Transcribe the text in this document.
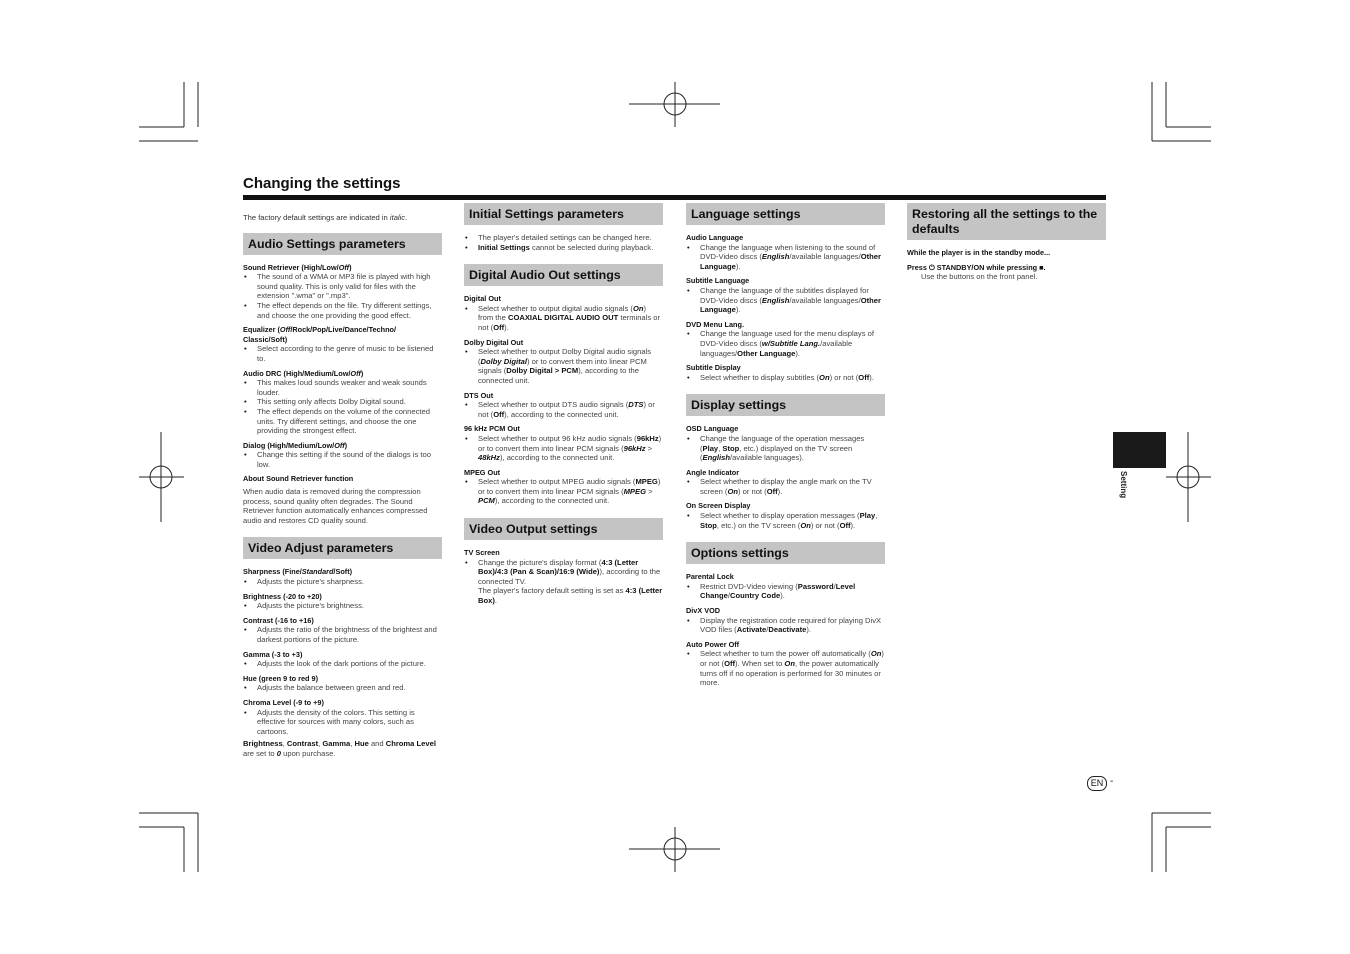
Changing the settings
The factory default settings are indicated in italic.
Audio Settings parameters
Sound Retriever (High/Low/Off)
• The sound of a WMA or MP3 file is played with high sound quality. This is only valid for files with the extension ".wma" or ".mp3".
• The effect depends on the file. Try different settings, and choose the one providing the good effect.
Equalizer (Off/Rock/Pop/Live/Dance/Techno/ Classic/Soft)
• Select according to the genre of music to be listened to.
Audio DRC (High/Medium/Low/Off)
• This makes loud sounds weaker and weak sounds louder.
• This setting only affects Dolby Digital sound.
• The effect depends on the volume of the connected units. Try different settings, and choose the one providing the strongest effect.
Dialog (High/Medium/Low/Off)
• Change this setting if the sound of the dialogs is too low.
About Sound Retriever function
When audio data is removed during the compression process, sound quality often degrades. The Sound Retriever function automatically enhances compressed audio and restores CD quality sound.
Video Adjust parameters
Sharpness (Fine/Standard/Soft)
• Adjusts the picture's sharpness.
Brightness (-20 to +20)
• Adjusts the picture's brightness.
Contrast (-16 to +16)
• Adjusts the ratio of the brightness of the brightest and darkest portions of the picture.
Gamma (-3 to +3)
• Adjusts the look of the dark portions of the picture.
Hue (green 9 to red 9)
• Adjusts the balance between green and red.
Chroma Level (-9 to +9)
• Adjusts the density of the colors. This setting is effective for sources with many colors, such as cartoons.
Brightness, Contrast, Gamma, Hue and Chroma Level are set to 0 upon purchase.
Initial Settings parameters
• The player's detailed settings can be changed here.
• Initial Settings cannot be selected during playback.
Digital Audio Out settings
Digital Out
• Select whether to output digital audio signals (On) from the COAXIAL DIGITAL AUDIO OUT terminals or not (Off).
Dolby Digital Out
• Select whether to output Dolby Digital audio signals (Dolby Digital) or to convert them into linear PCM signals (Dolby Digital > PCM), according to the connected unit.
DTS Out
• Select whether to output DTS audio signals (DTS) or not (Off), according to the connected unit.
96 kHz PCM Out
• Select whether to output 96 kHz audio signals (96kHz) or to convert them into linear PCM signals (96kHz > 48kHz), according to the connected unit.
MPEG Out
• Select whether to output MPEG audio signals (MPEG) or to convert them into linear PCM signals (MPEG > PCM), according to the connected unit.
Video Output settings
TV Screen
• Change the picture's display format (4:3 (Letter Box)/4:3 (Pan & Scan)/16:9 (Wide)), according to the connected TV.
The player's factory default setting is set as 4:3 (Letter Box).
Language settings
Audio Language
• Change the language when listening to the sound of DVD-Video discs (English/available languages/Other Language).
Subtitle Language
• Change the language of the subtitles displayed for DVD-Video discs (English/available languages/Other Language).
DVD Menu Lang.
• Change the language used for the menu displays of DVD-Video discs (w/Subtitle Lang./available languages/Other Language).
Subtitle Display
• Select whether to display subtitles (On) or not (Off).
Display settings
OSD Language
• Change the language of the operation messages (Play, Stop, etc.) displayed on the TV screen (English/available languages).
Angle Indicator
• Select whether to display the angle mark on the TV screen (On) or not (Off).
On Screen Display
• Select whether to display operation messages (Play, Stop, etc.) on the TV screen (On) or not (Off).
Options settings
Parental Lock
• Restrict DVD-Video viewing (Password/Level Change/Country Code).
DivX VOD
• Display the registration code required for playing DivX VOD files (Activate/Deactivate).
Auto Power Off
• Select whether to turn the power off automatically (On) or not (Off). When set to On, the power automatically turns off if no operation is performed for 30 minutes or more.
Restoring all the settings to the defaults
While the player is in the standby mode...
Press ⏻ STANDBY/ON while pressing ■.
Use the buttons on the front panel.
Setting
EN -
